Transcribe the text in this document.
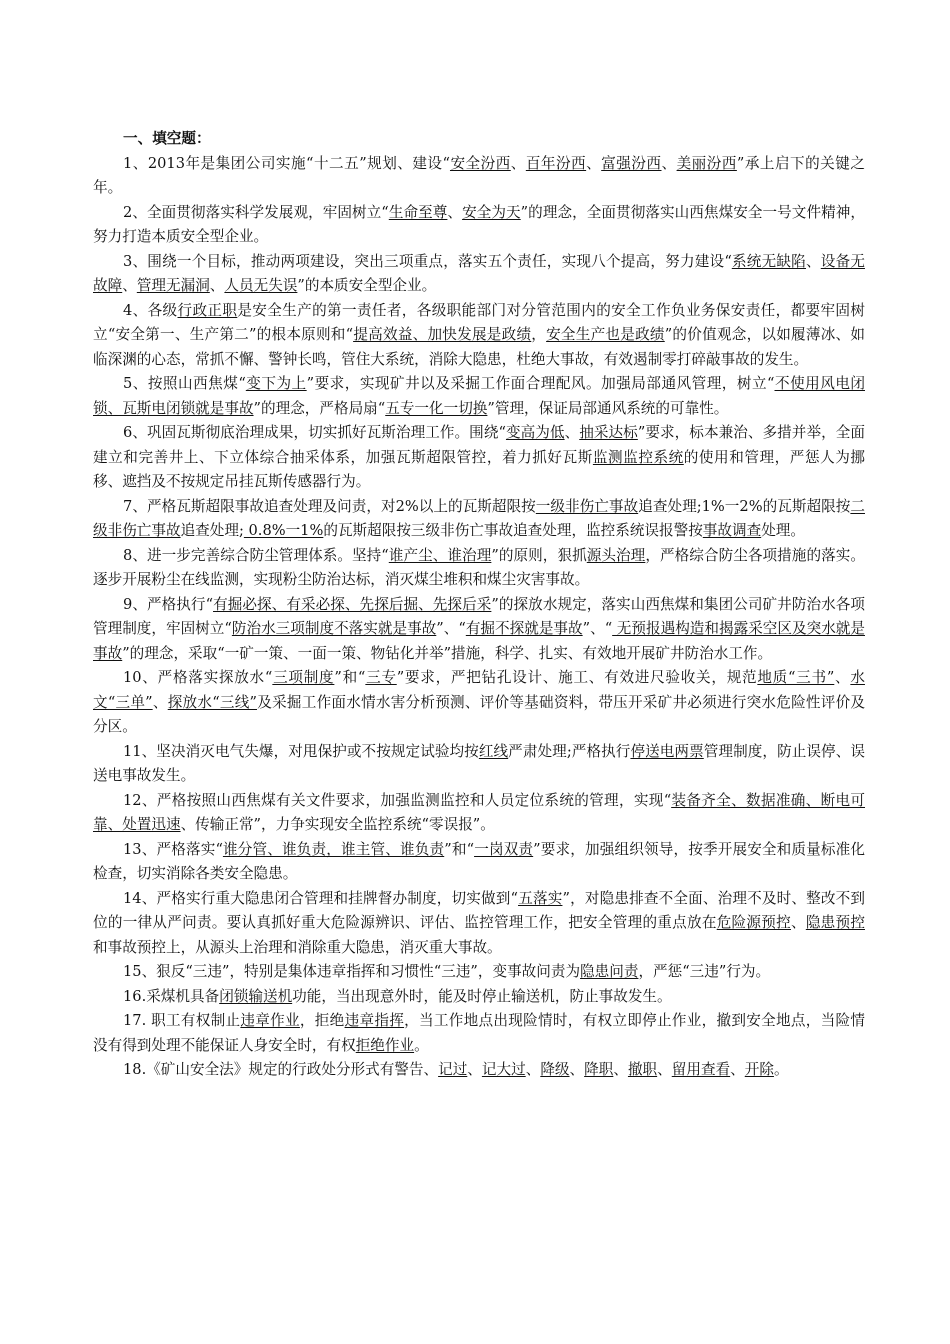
一、填空题：

1、2013年是集团公司实施“十二五”规划、建设“安全汾西、百年汾西、富强汾西、美丽汾西”承上启下的关键之年。

2、全面贯彻落实科学发展观，牢固树立“生命至尊、安全为天”的理念，全面贯彻落实山西焦煤安全一号文件精神，努力打造本质安全型企业。

3、围绕一个目标，推动两项建设，突出三项重点，落实五个责任，实现八个提高，努力建设“系统无缺陷、设备无故障、管理无漏洞、人员无失误”的本质安全型企业。

4、各级行政正职是安全生产的第一责任者，各级职能部门对分管范围内的安全工作负业务保安责任，都要牢固树立“安全第一、生产第二”的根本原则和“提高效益、加快发展是政绩，安全生产也是政绩”的价值观念，以如履薄冰、如临深渊的心态，常抓不懈、警钟长鸣，管住大系统，消除大隐患，杜绝大事故，有效遏制零打碎敲事故的发生。

5、按照山西焦煤“变下为上”要求，实现矿井以及采掘工作面合理配风。加强局部通风管理，树立“不使用风电闭锁、瓦斯电闭锁就是事故”的理念，严格局扇“五专一化一切换”管理，保证局部通风系统的可靠性。

6、巩固瓦斯彻底治理成果，切实抓好瓦斯治理工作。围绕“变高为低、抽采达标”要求，标本兼治、多措并举，全面建立和完善井上、下立体综合抽采体系，加强瓦斯超限管控，着力抓好瓦斯监测监控系统的使用和管理，严惩人为挪移、遮挡及不按规定吊挂瓦斯传感器行为。

7、严格瓦斯超限事故追查处理及问责，对2%以上的瓦斯超限按一级非伤亡事故追查处理;1%一2%的瓦斯超限按二级非伤亡事故追查处理; 0.8%一1%的瓦斯超限按三级非伤亡事故追查处理，监控系统误报警按事故调查处理。

8、进一步完善综合防尘管理体系。坚持“谁产尘、谁治理”的原则，狠抓源头治理，严格综合防尘各项措施的落实。逐步开展粉尘在线监测，实现粉尘防治达标，消灭煤尘堆积和煤尘灾害事故。

9、严格执行“有掘必探、有采必探、先探后掘、先探后采”的探放水规定，落实山西焦煤和集团公司矿井防治水各项管理制度，牢固树立“防治水三项制度不落实就是事故”、“有掘不探就是事故”、“ 无预报遇构造和揭露采空区及突水就是事故”的理念，采取“一矿一策、一面一策、物钻化并举”措施，科学、扎实、有效地开展矿井防治水工作。

10、严格落实探放水“三项制度”和“三专”要求，严把钻孔设计、施工、有效进尺验收关，规范地质“三书”、水文“三单”、探放水“三线”及采掘工作面水情水害分析预测、评价等基础资料，带压开采矿井必须进行突水危险性评价及分区。

11、坚决消灭电气失爆，对甩保护或不按规定试验均按红线严肃处理;严格执行停送电两票管理制度，防止误停、误送电事故发生。

12、严格按照山西焦煤有关文件要求，加强监测监控和人员定位系统的管理，实现“装备齐全、数据准确、断电可靠、处置迅速、传输正常”，力争实现安全监控系统“零误报”。

13、严格落实“谁分管、谁负责，谁主管、谁负责”和“一岗双责”要求，加强组织领导，按季开展安全和质量标准化检查，切实消除各类安全隐患。

14、严格实行重大隐患闭合管理和挂牌督办制度，切实做到“五落实”，对隐患排查不全面、治理不及时、整改不到位的一律从严问责。要认真抓好重大危险源辨识、评估、监控管理工作，把安全管理的重点放在危险源预控、隐患预控和事故预控上，从源头上治理和消除重大隐患，消灭重大事故。

15、狠反“三违”，特别是集体违章指挥和习惯性“三违”，变事故问责为隐患问责，严惩“三违”行为。

16.采煤机具备闭锁输送机功能，当出现意外时，能及时停止输送机，防止事故发生。

17. 职工有权制止违章作业，拒绝违章指挥，当工作地点出现险情时，有权立即停止作业，撤到安全地点，当险情没有得到处理不能保证人身安全时，有权拒绝作业。

18.《矿山安全法》规定的行政处分形式有警告、记过、记大过、降级、降职、撤职、留用查看、开除。
